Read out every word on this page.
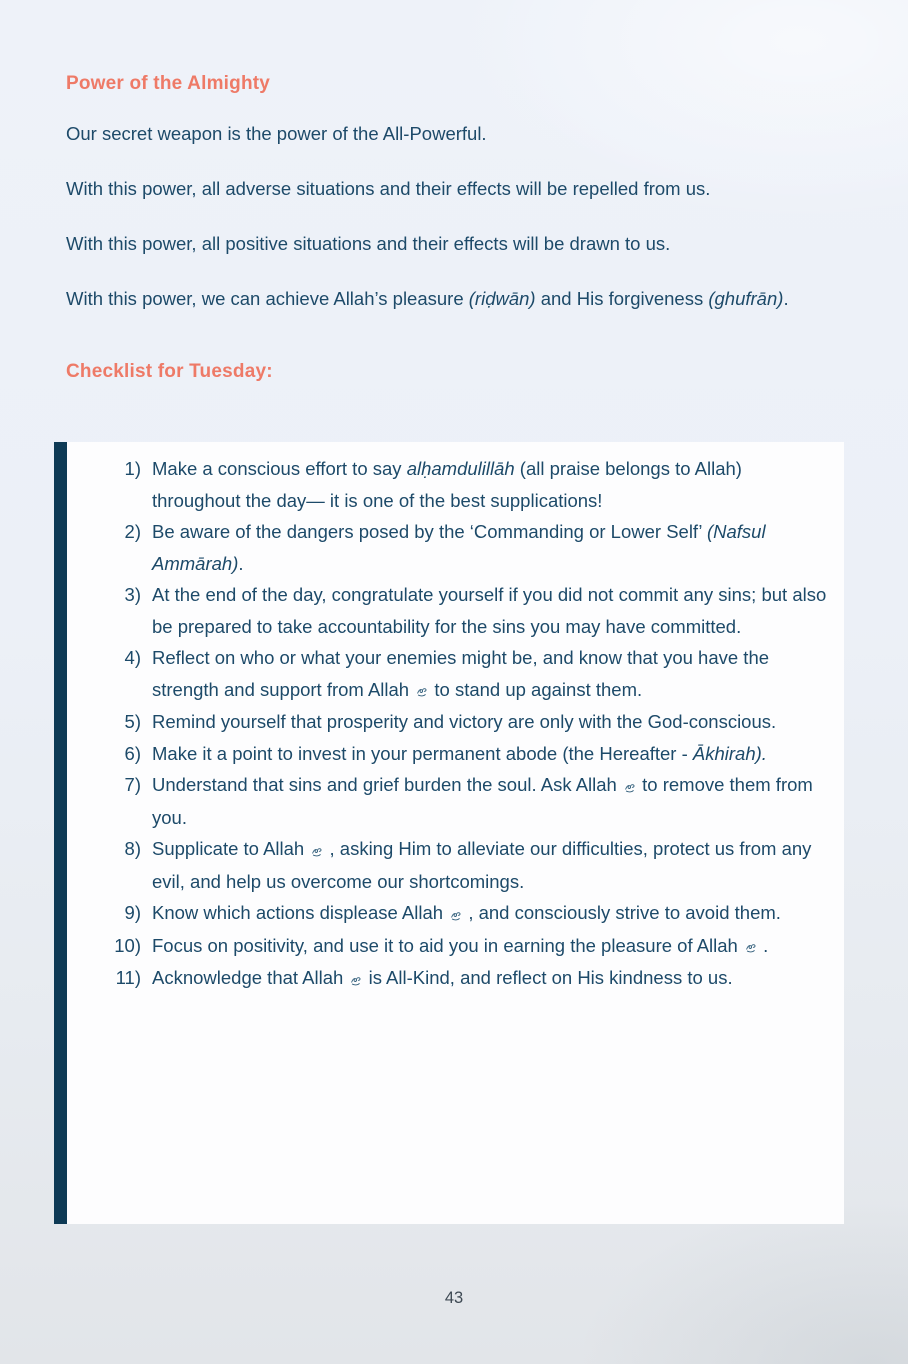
Power of the Almighty

Our secret weapon is the power of the All-Powerful.

With this power, all adverse situations and their effects will be repelled from us.

With this power, all positive situations and their effects will be drawn to us.

With this power, we can achieve Allah’s pleasure (riḍwān) and His forgiveness (ghufrān).

Checklist for Tuesday:
1) Make a conscious effort to say alḥamdulillāh (all praise belongs to Allah) throughout the day— it is one of the best supplications!
2) Be aware of the dangers posed by the ‘Commanding or Lower Self’ (Nafsul Ammārah).
3) At the end of the day, congratulate yourself if you did not commit any sins; but also be prepared to take accountability for the sins you may have committed.
4) Reflect on who or what your enemies might be, and know that you have the strength and support from Allah
to stand up against them.
5) Remind yourself that prosperity and victory are only with the God-conscious.
6) Make it a point to invest in your permanent abode (the Hereafter - Ākhirah).
7) Understand that sins and grief burden the soul. Ask Allah
to remove them from you.
8) Supplicate to Allah
, asking Him to alleviate our difficulties, protect us from any evil, and help us overcome our shortcomings.
9) Know which actions displease Allah
, and consciously strive to avoid them.
10) Focus on positivity, and use it to aid you in earning the pleasure of Allah
.
11) Acknowledge that Allah
is All-Kind, and reflect on His kindness to us.
43
